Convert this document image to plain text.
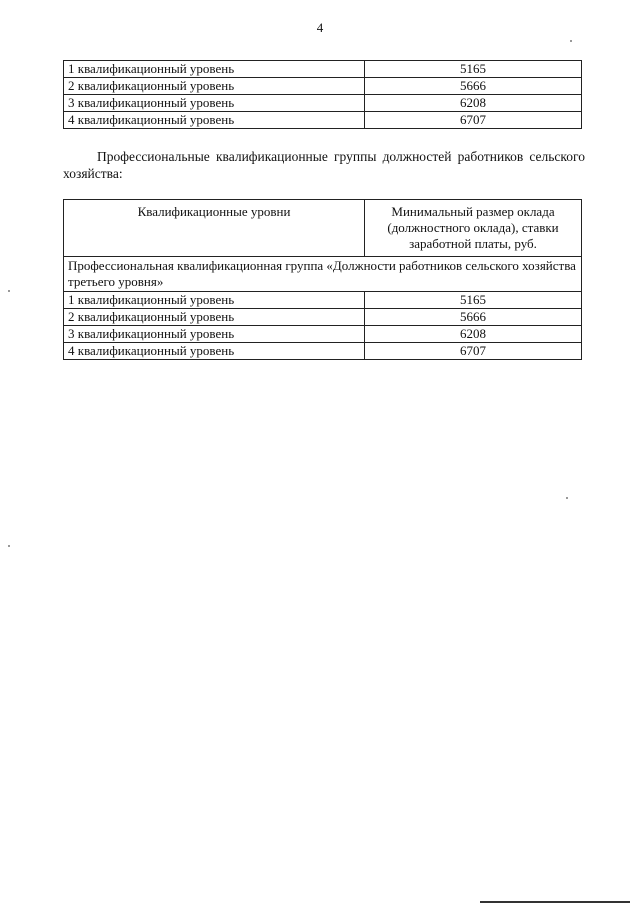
4
1 квалификационный уровень	5165
2 квалификационный уровень	5666
3 квалификационный уровень	6208
4 квалификационный уровень	6707

Профессиональные квалификационные группы должностей работников сельского хозяйства:

Квалификационные уровни	Минимальный размер оклада (должностного оклада), ставки заработной платы, руб.
Профессиональная квалификационная группа «Должности работников сельского хозяйства третьего уровня»	
1 квалификационный уровень	5165
2 квалификационный уровень	5666
3 квалификационный уровень	6208
4 квалификационный уровень	6707
